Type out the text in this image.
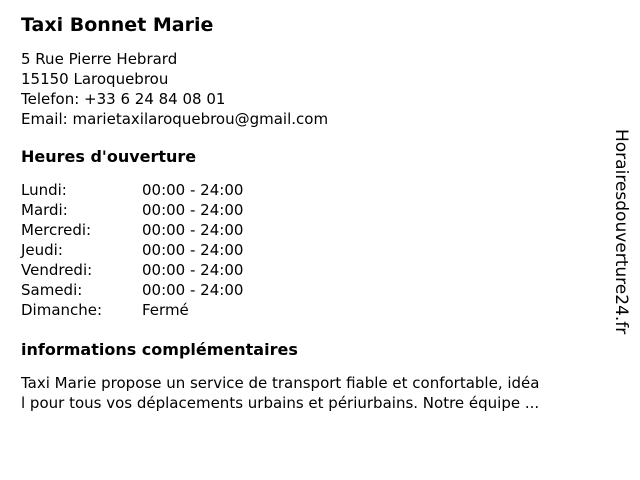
Taxi Bonnet Marie
5 Rue Pierre Hebrard
15150 Laroquebrou
Telefon: +33 6 24 84 08 01
Email: marietaxilaroquebrou@gmail.com
Heures d'ouverture
Lundi:	00:00 - 24:00
Mardi:	00:00 - 24:00
Mercredi:	00:00 - 24:00
Jeudi:	00:00 - 24:00
Vendredi:	00:00 - 24:00
Samedi:	00:00 - 24:00
Dimanche:	Fermé
informations complémentaires

Taxi Marie propose un service de transport fiable et confortable, idéa
l pour tous vos déplacements urbains et périurbains. Notre équipe ...

Horairesdouverture24.fr
